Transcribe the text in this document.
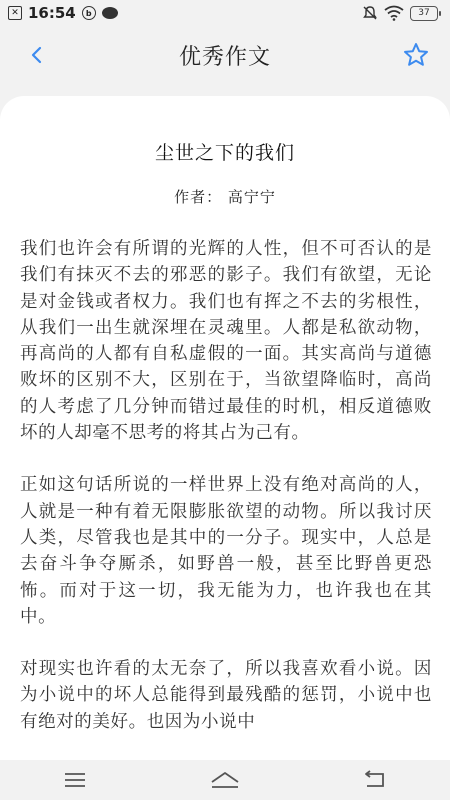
✕ 16:54	b	37
优秀作文
尘世之下的我们
作者： 高宁宁

我们也许会有所谓的光辉的人性，但不可否认的是我们有抹灭不去的邪恶的影子。我们有欲望，无论是对金钱或者权力。我们也有挥之不去的劣根性，从我们一出生就深埋在灵魂里。人都是私欲动物，再高尚的人都有自私虚假的一面。其实高尚与道德败坏的区别不大，区别在于，当欲望降临时，高尚的人考虑了几分钟而错过最佳的时机，相反道德败坏的人却毫不思考的将其占为己有。

正如这句话所说的一样世界上没有绝对高尚的人，人就是一种有着无限膨胀欲望的动物。所以我讨厌人类，尽管我也是其中的一分子。现实中，人总是去奋斗争夺厮杀，如野兽一般，甚至比野兽更恐怖。而对于这一切，我无能为力，也许我也在其中。

对现实也许看的太无奈了，所以我喜欢看小说。因为小说中的坏人总能得到最残酷的惩罚，小说中也有绝对的美好。也因为小说中
